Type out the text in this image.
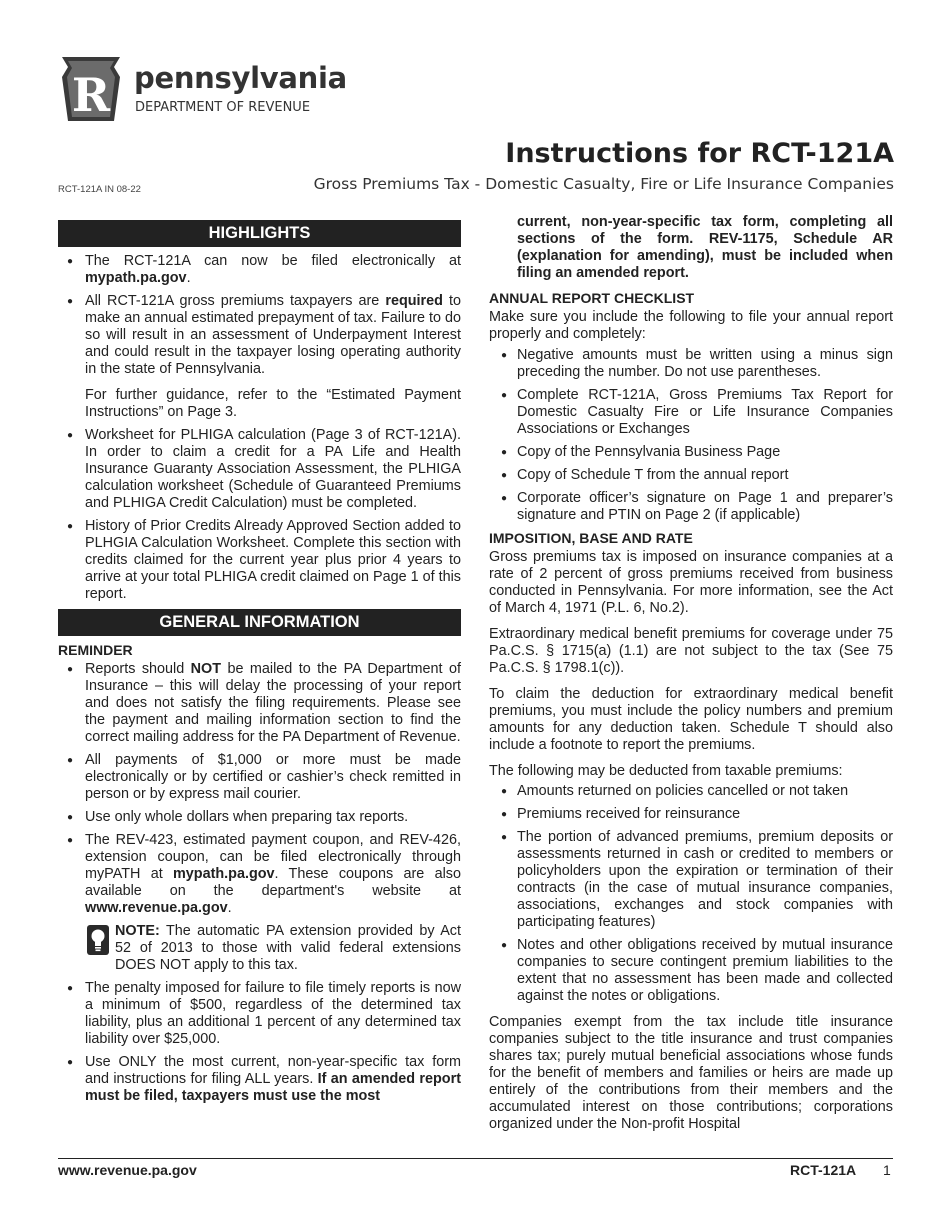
R pennsylvania
DEPARTMENT OF REVENUE
Instructions for RCT-121A
Gross Premiums Tax - Domestic Casualty, Fire or Life Insurance Companies
RCT-121A IN 08-22
HIGHLIGHTS
● The RCT-121A can now be filed electronically at mypath.pa.gov.
● All RCT-121A gross premiums taxpayers are required to make an annual estimated prepayment of tax. Failure to do so will result in an assessment of Underpayment Interest and could result in the taxpayer losing operating authority in the state of Pennsylvania.
For further guidance, refer to the “Estimated Payment Instructions” on Page 3.
● Worksheet for PLHIGA calculation (Page 3 of RCT-121A). In order to claim a credit for a PA Life and Health Insurance Guaranty Association Assessment, the PLHIGA calculation worksheet (Schedule of Guaranteed Premiums and PLHIGA Credit Calculation) must be completed.
● History of Prior Credits Already Approved Section added to PLHGIA Calculation Worksheet. Complete this section with credits claimed for the current year plus prior 4 years to arrive at your total PLHIGA credit claimed on Page 1 of this report.
GENERAL INFORMATION
REMINDER
● Reports should NOT be mailed to the PA Department of Insurance – this will delay the processing of your report and does not satisfy the filing requirements. Please see the payment and mailing information section to find the correct mailing address for the PA Department of Revenue.
● All payments of $1,000 or more must be made electronically or by certified or cashier’s check remitted in person or by express mail courier.
● Use only whole dollars when preparing tax reports.
● The REV-423, estimated payment coupon, and REV-426, extension coupon, can be filed electronically through myPATH at mypath.pa.gov. These coupons are also available on the department's website at www.revenue.pa.gov.
NOTE: The automatic PA extension provided by Act 52 of 2013 to those with valid federal extensions DOES NOT apply to this tax.
● The penalty imposed for failure to file timely reports is now a minimum of $500, regardless of the determined tax liability, plus an additional 1 percent of any determined tax liability over $25,000.
● Use ONLY the most current, non-year-specific tax form and instructions for filing ALL years. If an amended report must be filed, taxpayers must use the most
current, non-year-specific tax form, completing all sections of the form. REV-1175, Schedule AR (explanation for amending), must be included when filing an amended report.
ANNUAL REPORT CHECKLIST

Make sure you include the following to file your annual report properly and completely:

● Negative amounts must be written using a minus sign preceding the number. Do not use parentheses.
● Complete RCT-121A, Gross Premiums Tax Report for Domestic Casualty Fire or Life Insurance Companies Associations or Exchanges
● Copy of the Pennsylvania Business Page
● Copy of Schedule T from the annual report
● Corporate officer’s signature on Page 1 and preparer’s signature and PTIN on Page 2 (if applicable)
IMPOSITION, BASE AND RATE

Gross premiums tax is imposed on insurance companies at a rate of 2 percent of gross premiums received from business conducted in Pennsylvania. For more information, see the Act of March 4, 1971 (P.L. 6, No.2).

Extraordinary medical benefit premiums for coverage under 75 Pa.C.S. § 1715(a) (1.1) are not subject to the tax (See 75 Pa.C.S. § 1798.1(c)).

To claim the deduction for extraordinary medical benefit premiums, you must include the policy numbers and premium amounts for any deduction taken. Schedule T should also include a footnote to report the premiums.

The following may be deducted from taxable premiums:

● Amounts returned on policies cancelled or not taken
● Premiums received for reinsurance
● The portion of advanced premiums, premium deposits or assessments returned in cash or credited to members or policyholders upon the expiration or termination of their contracts (in the case of mutual insurance companies, associations, exchanges and stock companies with participating features)
● Notes and other obligations received by mutual insurance companies to secure contingent premium liabilities to the extent that no assessment has been made and collected against the notes or obligations.

Companies exempt from the tax include title insurance companies subject to the title insurance and trust companies shares tax; purely mutual beneficial associations whose funds for the benefit of members and families or heirs are made up entirely of the contributions from their members and the accumulated interest on those contributions; corporations organized under the Non-profit Hospital

www.revenue.pa.gov	RCT-121A 1
